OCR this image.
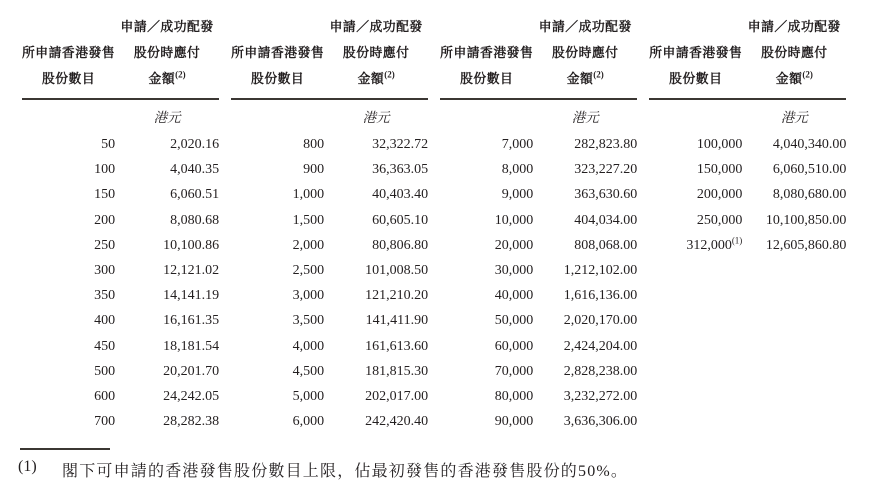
所申請香港發售
股份數目

申請／成功配發
股份時應付
金額$^{(2)}$

	港元
50	2,020.16
100	4,040.35
150	6,060.51
200	8,080.68
250	10,100.86
300	12,121.02
350	14,141.19
400	16,161.35
450	18,181.54
500	20,201.70
600	24,242.05
700	28,282.38
所申請香港發售
股份數目

申請／成功配發
股份時應付
金額$^{(2)}$

	港元
800	32,322.72
900	36,363.05
1,000	40,403.40
1,500	60,605.10
2,000	80,806.80
2,500	101,008.50
3,000	121,210.20
3,500	141,411.90
4,000	161,613.60
4,500	181,815.30
5,000	202,017.00
6,000	242,420.40
所申請香港發售
股份數目

申請／成功配發
股份時應付
金額$^{(2)}$

	港元
7,000	282,823.80
8,000	323,227.20
9,000	363,630.60
10,000	404,034.00
20,000	808,068.00
30,000	1,212,102.00
40,000	1,616,136.00
50,000	2,020,170.00
60,000	2,424,204.00
70,000	2,828,238.00
80,000	3,232,272.00
90,000	3,636,306.00
所申請香港發售
股份數目

申請／成功配發
股份時應付
金額$^{(2)}$

	港元
100,000	4,040,340.00
150,000	6,060,510.00
200,000	8,080,680.00
250,000	10,100,850.00
312,000$^{(1)}$	12,605,860.80
(1)	閣下可申請的香港發售股份數目上限，佔最初發售的香港發售股份的50%。
